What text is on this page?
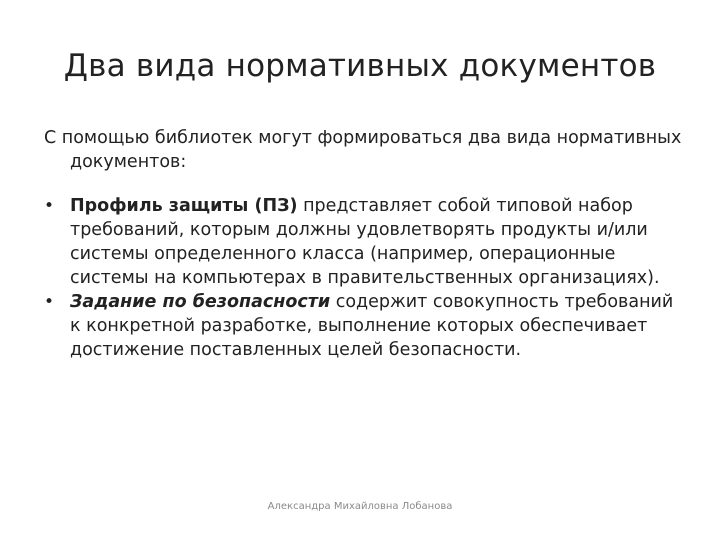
Два вида нормативных документов

С помощью библиотек могут формироваться два вида нормативных документов:

• Профиль защиты (ПЗ) представляет собой типовой набор требований, которым должны удовлетворять продукты и/или системы определенного класса (например, операционные системы на компьютерах в правительственных организациях).
• Задание по безопасности содержит совокупность требований к конкретной разработке, выполнение которых обеспечивает достижение поставленных целей безопасности.
Александра Михайловна Лобанова
